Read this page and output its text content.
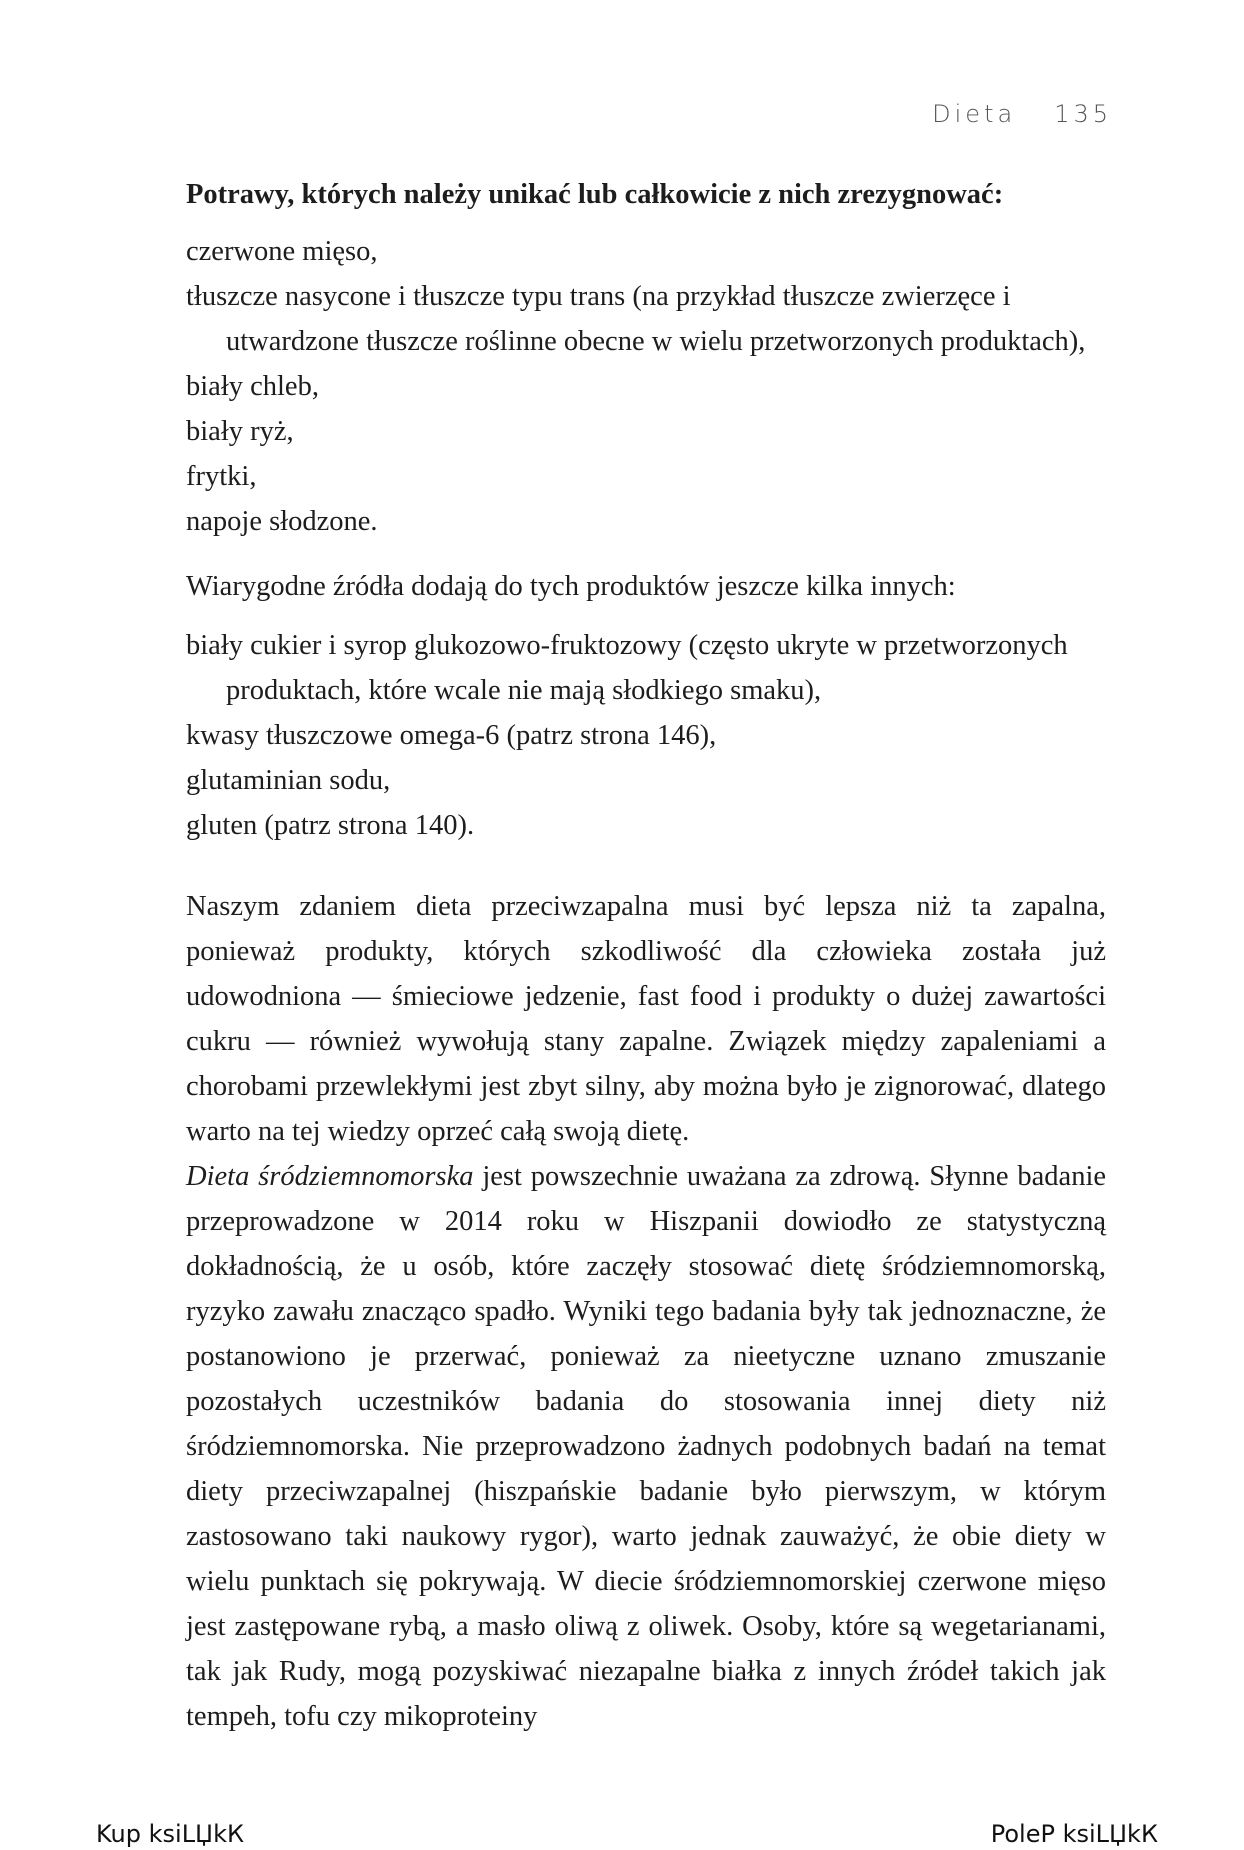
Dieta 135

Potrawy, których należy unikać lub całkowicie z nich zrezygnować:

czerwone mięso,
tłuszcze nasycone i tłuszcze typu trans (na przykład tłuszcze zwierzęce i utwardzone tłuszcze roślinne obecne w wielu przetworzonych produktach),
biały chleb,
biały ryż,
frytki,
napoje słodzone.

Wiarygodne źródła dodają do tych produktów jeszcze kilka innych:

biały cukier i syrop glukozowo-fruktozowy (często ukryte w przetworzonych produktach, które wcale nie mają słodkiego smaku),
kwasy tłuszczowe omega-6 (patrz strona 146),
glutaminian sodu,
gluten (patrz strona 140).

Naszym zdaniem dieta przeciwzapalna musi być lepsza niż ta zapalna, ponieważ produkty, których szkodliwość dla człowieka została już udowodniona — śmieciowe jedzenie, fast food i produkty o dużej zawartości cukru — również wywołują stany zapalne. Związek między zapaleniami a chorobami przewlekłymi jest zbyt silny, aby można było je zignorować, dlatego warto na tej wiedzy oprzeć całą swoją dietę.

Dieta śródziemnomorska jest powszechnie uważana za zdrową. Słynne badanie przeprowadzone w 2014 roku w Hiszpanii dowiodło ze statystyczną dokładnością, że u osób, które zaczęły stosować dietę śródziemnomorską, ryzyko zawału znacząco spadło. Wyniki tego badania były tak jednoznaczne, że postanowiono je przerwać, ponieważ za nieetyczne uznano zmuszanie pozostałych uczestników badania do stosowania innej diety niż śródziemnomorska. Nie przeprowadzono żadnych podobnych badań na temat diety przeciwzapalnej (hiszpańskie badanie było pierwszym, w którym zastosowano taki naukowy rygor), warto jednak zauważyć, że obie diety w wielu punktach się pokrywają. W diecie śródziemnomorskiej czerwone mięso jest zastępowane rybą, a masło oliwą z oliwek. Osoby, które są wegetarianami, tak jak Rudy, mogą pozyskiwać niezapalne białka z innych źródeł takich jak tempeh, tofu czy mikoproteiny

Kup ksiLЏkК	PoleР ksiLЏkК
